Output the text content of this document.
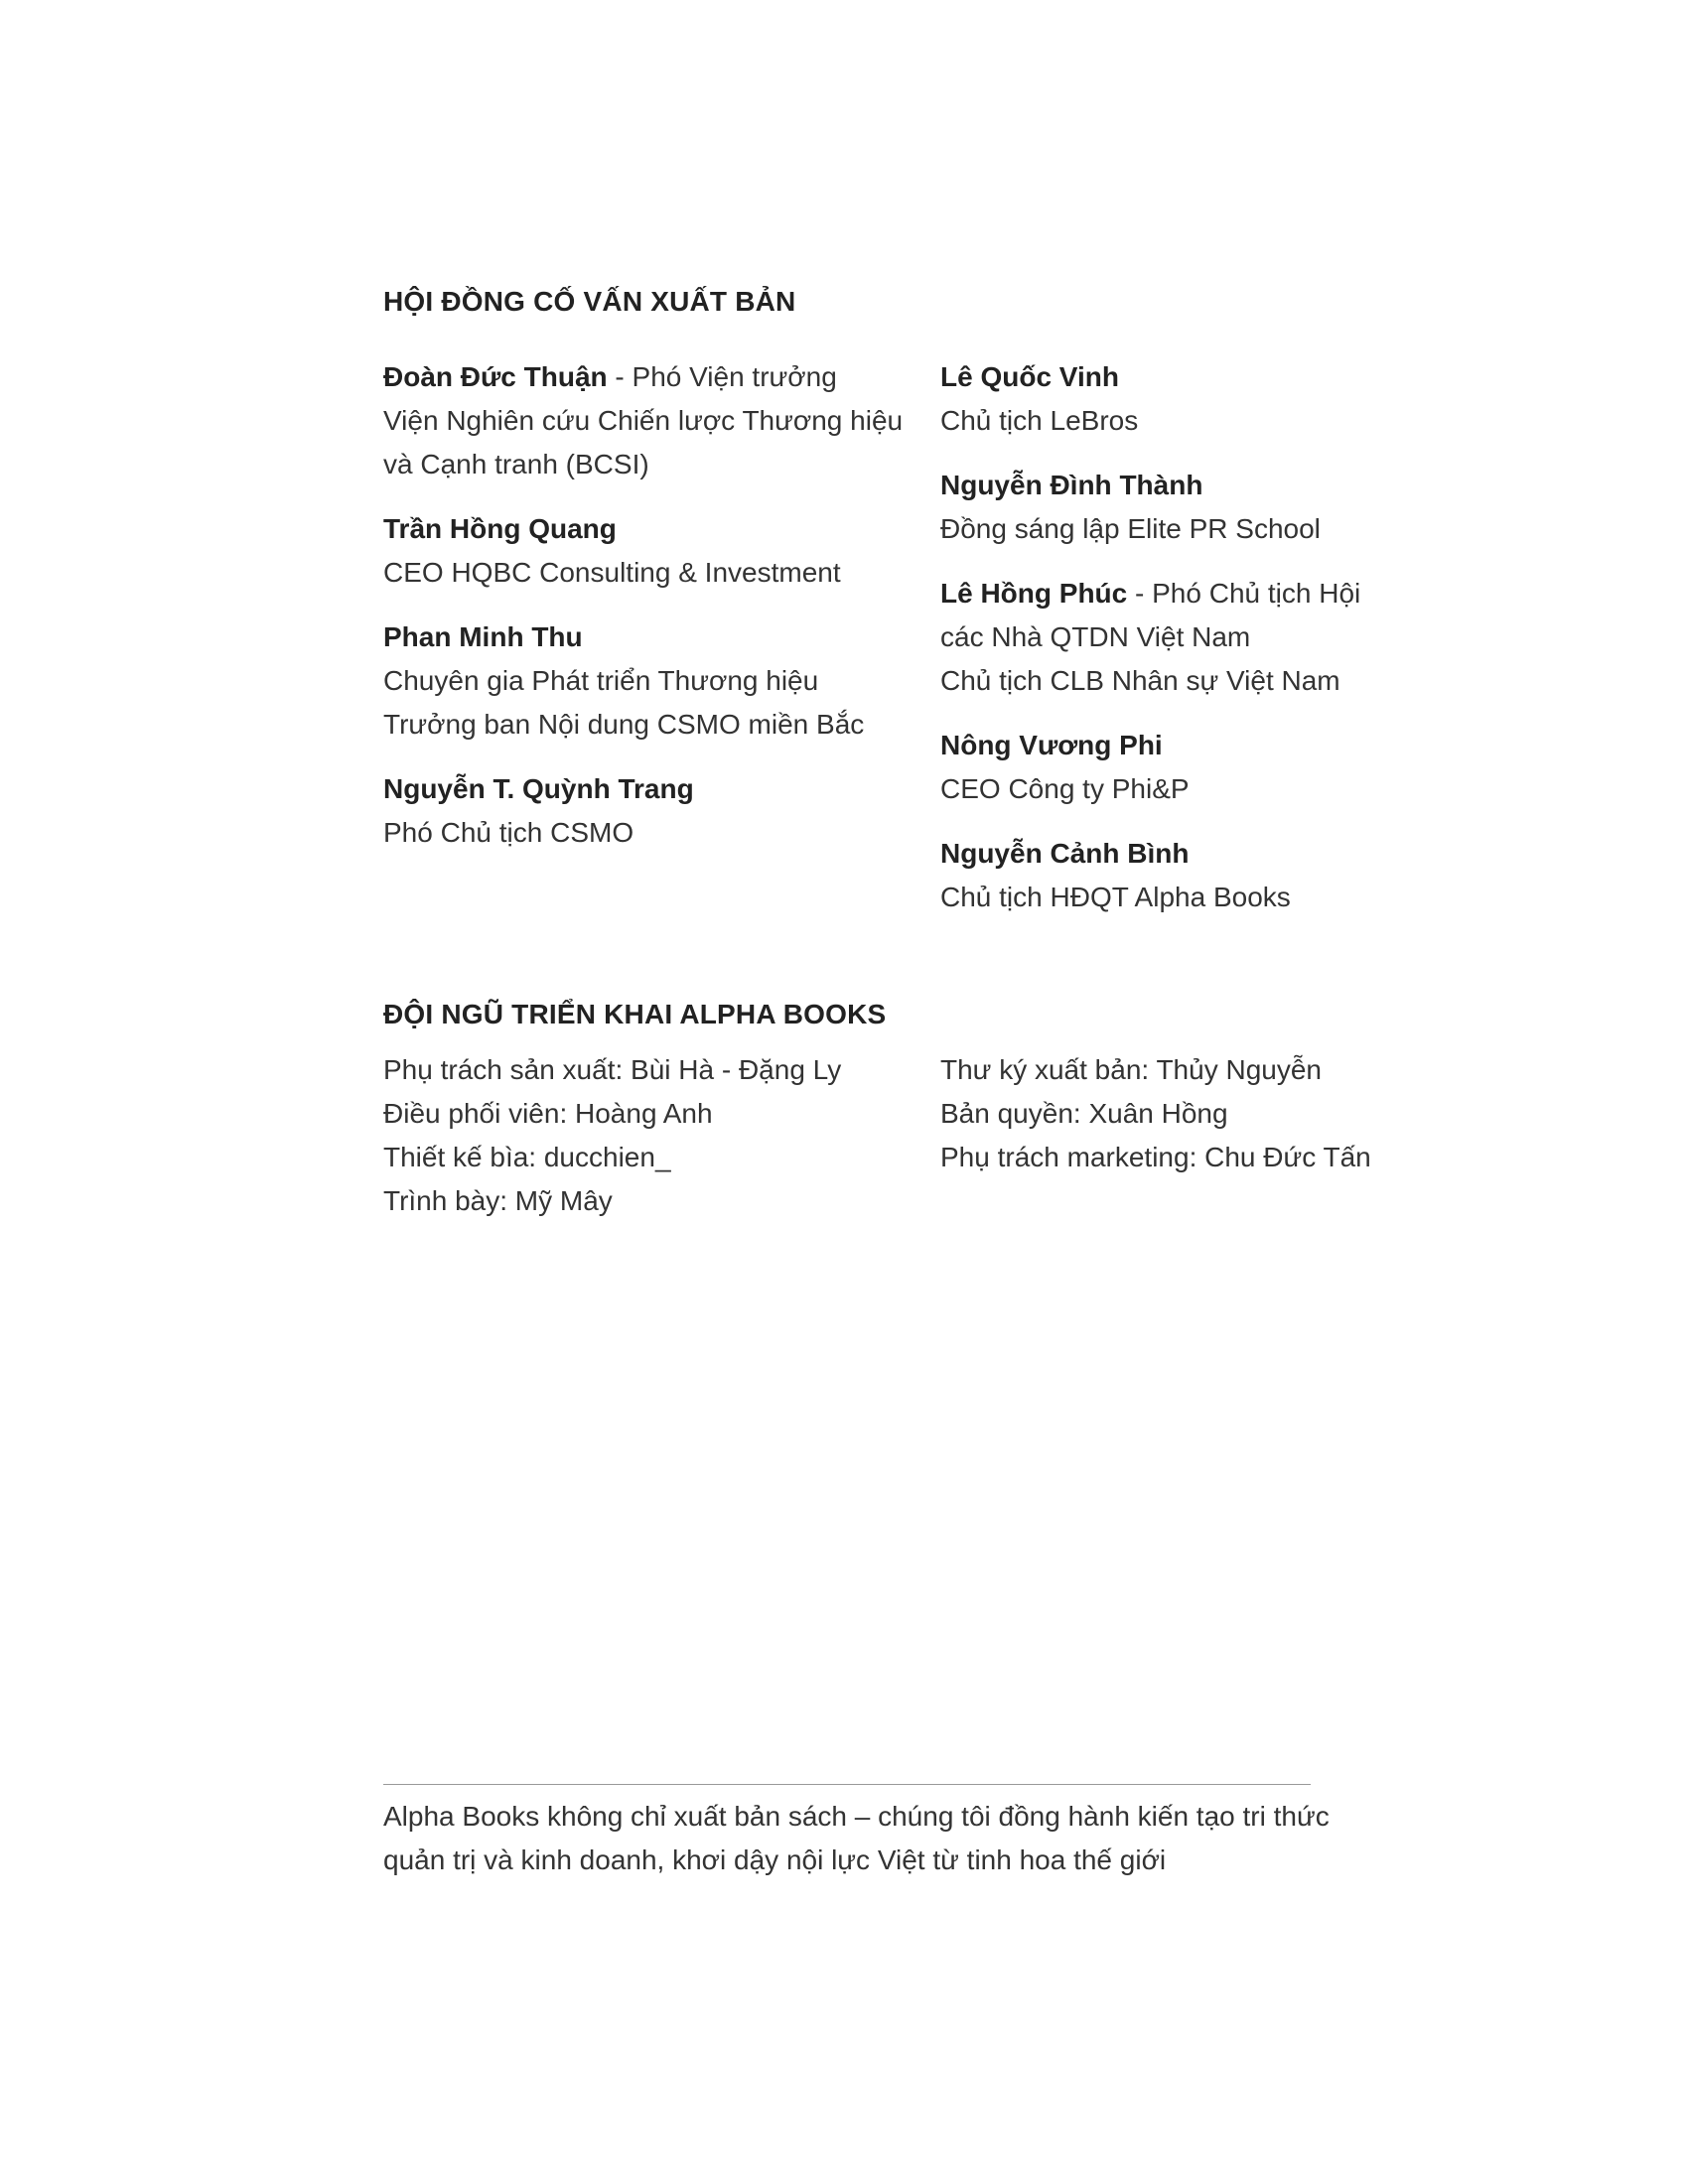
HỘI ĐỒNG CỐ VẤN XUẤT BẢN
Đoàn Đức Thuận - Phó Viện trưởng
Viện Nghiên cứu Chiến lược Thương hiệu
và Cạnh tranh (BCSI)
Trần Hồng Quang
CEO HQBC Consulting & Investment
Phan Minh Thu
Chuyên gia Phát triển Thương hiệu
Trưởng ban Nội dung CSMO miền Bắc
Nguyễn T. Quỳnh Trang
Phó Chủ tịch CSMO
Lê Quốc Vinh
Chủ tịch LeBros
Nguyễn Đình Thành
Đồng sáng lập Elite PR School
Lê Hồng Phúc - Phó Chủ tịch Hội
các Nhà QTDN Việt Nam
Chủ tịch CLB Nhân sự Việt Nam
Nông Vương Phi
CEO Công ty Phi&P
Nguyễn Cảnh Bình
Chủ tịch HĐQT Alpha Books
ĐỘI NGŨ TRIỂN KHAI ALPHA BOOKS
Phụ trách sản xuất: Bùi Hà - Đặng Ly
Điều phối viên: Hoàng Anh
Thiết kế bìa: ducchien_
Trình bày: Mỹ Mây
Thư ký xuất bản: Thủy Nguyễn
Bản quyền: Xuân Hồng
Phụ trách marketing: Chu Đức Tấn
Alpha Books không chỉ xuất bản sách – chúng tôi đồng hành kiến tạo tri thức
quản trị và kinh doanh, khơi dậy nội lực Việt từ tinh hoa thế giới
